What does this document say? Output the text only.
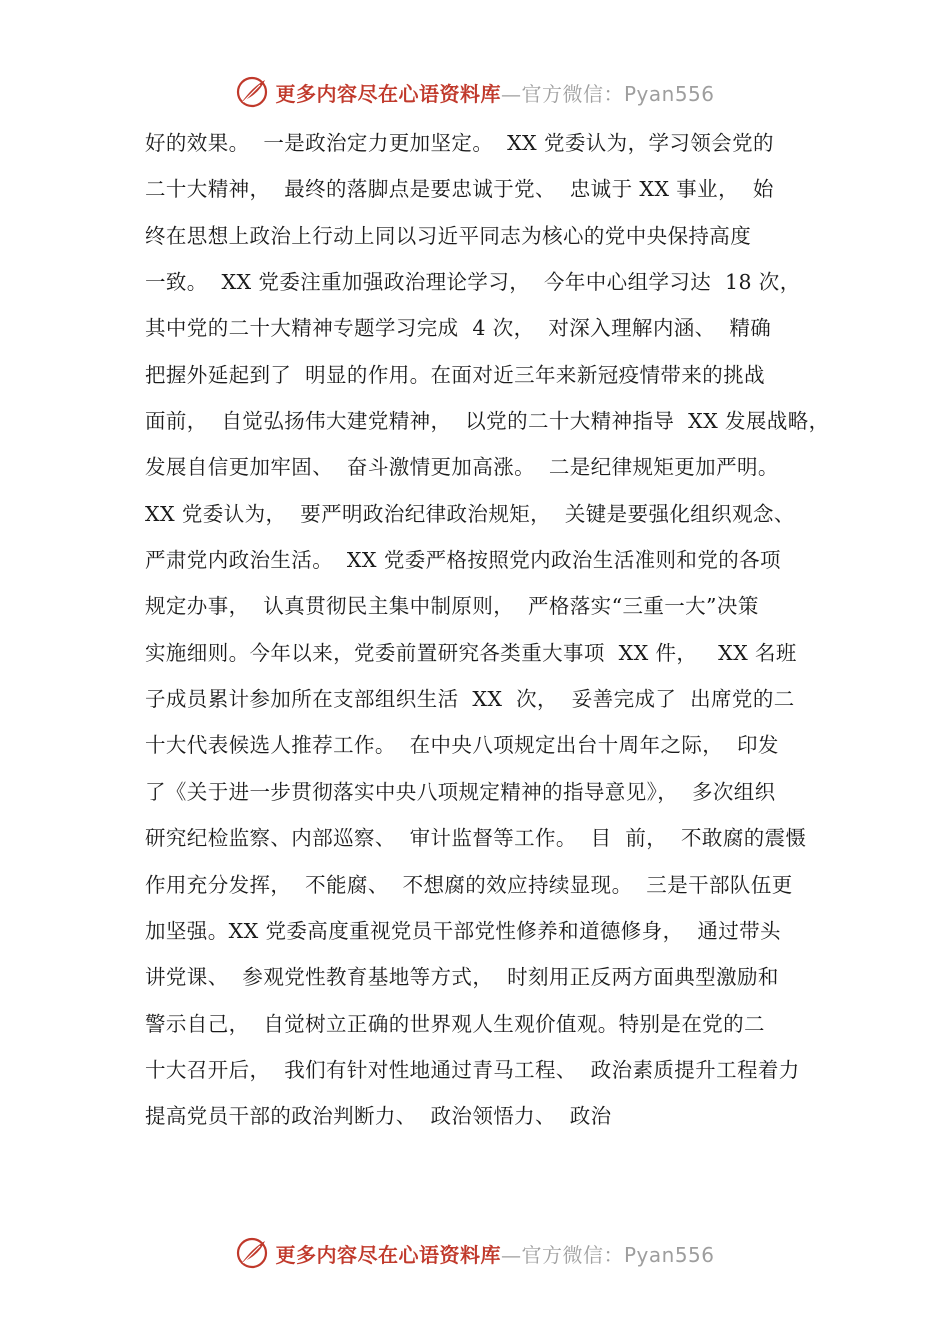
更多内容尽在心语资料库—官方微信：Pyan556
好的效果。  一是政治定力更加坚定。  XX 党委认为，学习领会党的
二十大精神，  最终的落脚点是要忠诚于党、  忠诚于 XX 事业，  始
终在思想上政治上行动上同以习近平同志为核心的党中央保持高度
一致。  XX 党委注重加强政治理论学习，  今年中心组学习达  18 次，
其中党的二十大精神专题学习完成  4 次，  对深入理解内涵、  精确
把握外延起到了  明显的作用。在面对近三年来新冠疫情带来的挑战
面前，  自觉弘扬伟大建党精神，  以党的二十大精神指导  XX 发展战略，
发展自信更加牢固、  奋斗激情更加高涨。  二是纪律规矩更加严明。
XX 党委认为，  要严明政治纪律政治规矩，  关键是要强化组织观念、
严肃党内政治生活。  XX 党委严格按照党内政治生活准则和党的各项
规定办事，  认真贯彻民主集中制原则，  严格落实“三重一大”决策
实施细则。今年以来，党委前置研究各类重大事项  XX 件，   XX 名班
子成员累计参加所在支部组织生活  XX  次，  妥善完成了  出席党的二
十大代表候选人推荐工作。  在中央八项规定出台十周年之际，  印发
了《关于进一步贯彻落实中央八项规定精神的指导意见》，  多次组织
研究纪检监察、内部巡察、  审计监督等工作。  目  前，  不敢腐的震慑
作用充分发挥，  不能腐、  不想腐的效应持续显现。  三是干部队伍更
加坚强。XX 党委高度重视党员干部党性修养和道德修身，  通过带头
讲党课、  参观党性教育基地等方式，  时刻用正反两方面典型激励和
警示自己，  自觉树立正确的世界观人生观价值观。特别是在党的二
十大召开后，  我们有针对性地通过青马工程、  政治素质提升工程着力
提高党员干部的政治判断力、  政治领悟力、  政治
更多内容尽在心语资料库—官方微信：Pyan556
